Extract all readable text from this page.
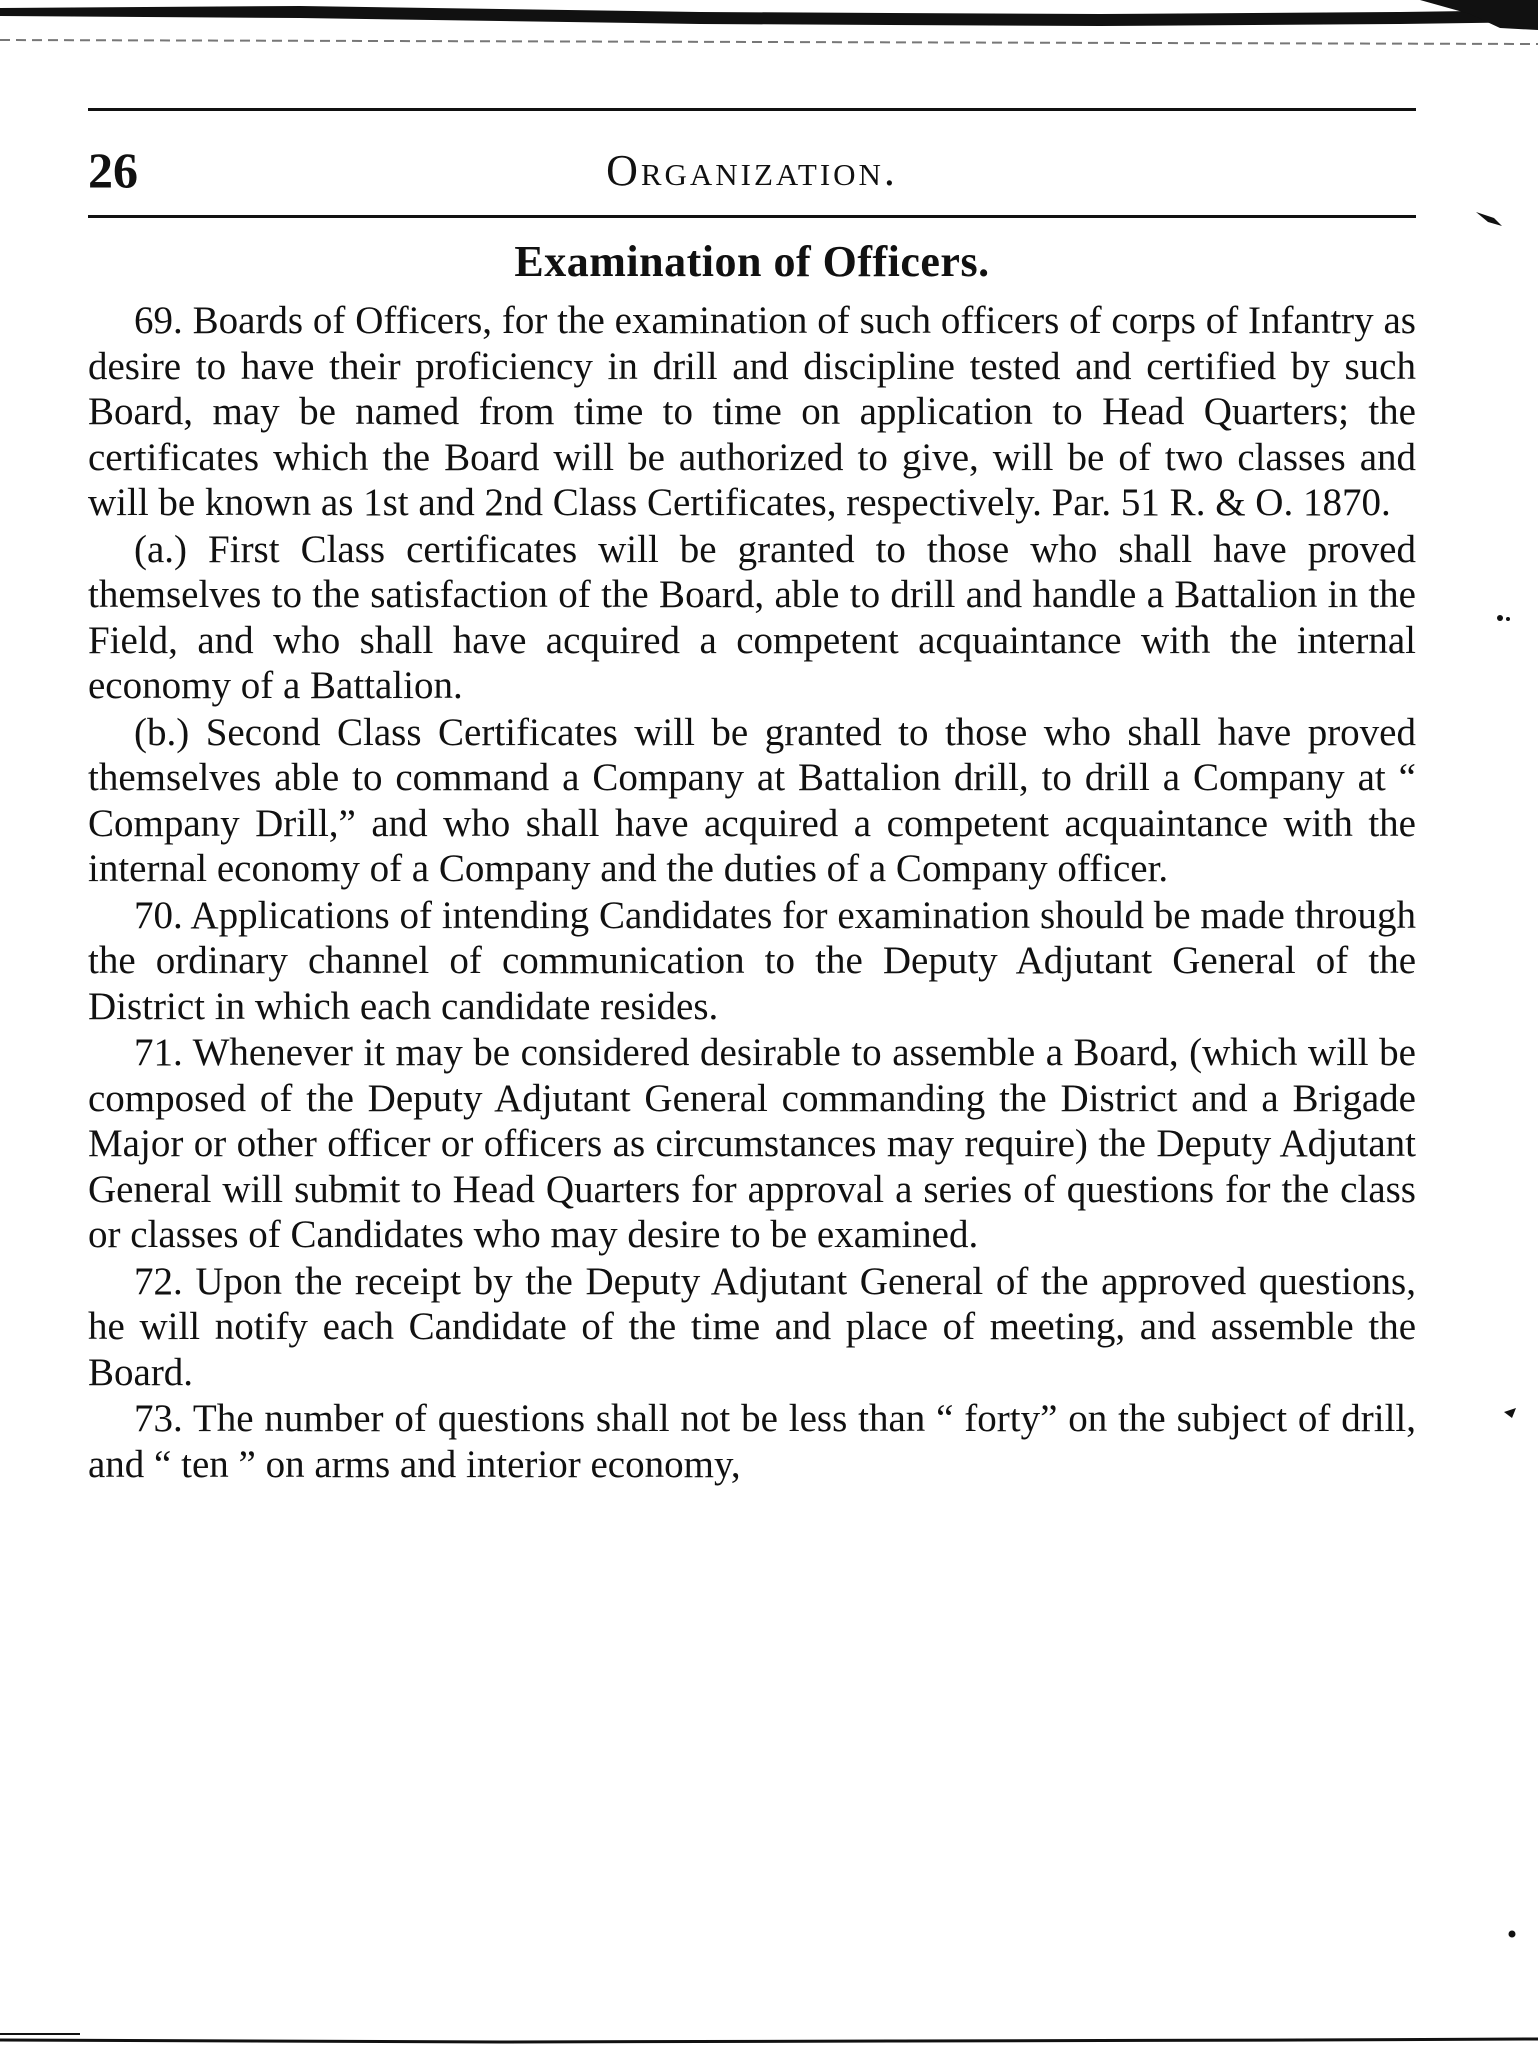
26	Organization.
Examination of Officers.

69. Boards of Officers, for the examination of such officers of corps of Infantry as desire to have their proficiency in drill and discipline tested and certified by such Board, may be named from time to time on application to Head Quarters; the certificates which the Board will be authorized to give, will be of two classes and will be known as 1st and 2nd Class Certificates, respectively. Par. 51 R. & O. 1870.

(a.) First Class certificates will be granted to those who shall have proved themselves to the satisfaction of the Board, able to drill and handle a Battalion in the Field, and who shall have acquired a competent acquaintance with the internal economy of a Battalion.

(b.) Second Class Certificates will be granted to those who shall have proved themselves able to command a Company at Battalion drill, to drill a Company at “ Company Drill,” and who shall have acquired a competent acquaintance with the internal economy of a Company and the duties of a Company officer.

70. Applications of intending Candidates for examination should be made through the ordinary channel of communication to the Deputy Adjutant General of the District in which each candidate resides.

71. Whenever it may be considered desirable to assemble a Board, (which will be composed of the Deputy Adjutant General commanding the District and a Brigade Major or other officer or officers as circumstances may require) the Deputy Adjutant General will submit to Head Quarters for approval a series of questions for the class or classes of Candidates who may desire to be examined.

72. Upon the receipt by the Deputy Adjutant General of the approved questions, he will notify each Candidate of the time and place of meeting, and assemble the Board.

73. The number of questions shall not be less than “ forty” on the subject of drill, and “ ten ” on arms and interior economy,
